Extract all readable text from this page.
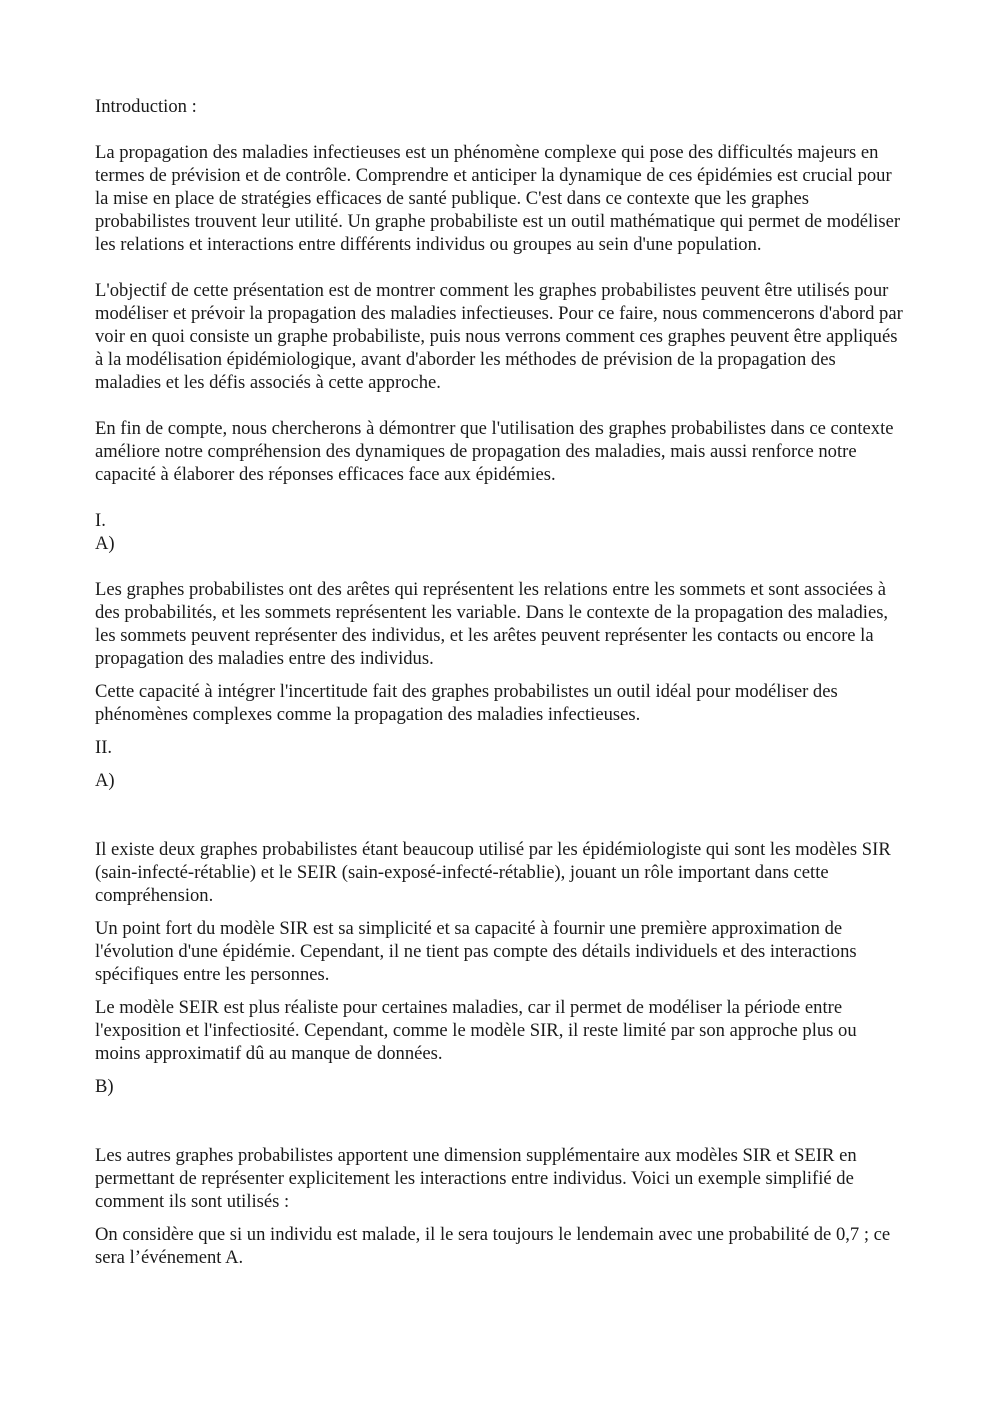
Introduction :

La propagation des maladies infectieuses est un phénomène complexe qui pose des difficultés majeurs en termes de prévision et de contrôle. Comprendre et anticiper la dynamique de ces épidémies est crucial pour la mise en place de stratégies efficaces de santé publique. C'est dans ce contexte que les graphes probabilistes trouvent leur utilité. Un graphe probabiliste est un outil mathématique qui permet de modéliser les relations et interactions entre différents individus ou groupes au sein d'une population.

L'objectif de cette présentation est de montrer comment les graphes probabilistes peuvent être utilisés pour modéliser et prévoir la propagation des maladies infectieuses. Pour ce faire, nous commencerons d'abord par voir en quoi consiste un graphe probabiliste, puis nous verrons comment ces graphes peuvent être appliqués à la modélisation épidémiologique, avant d'aborder les méthodes de prévision de la propagation des maladies et les défis associés à cette approche.

En fin de compte, nous chercherons à démontrer que l'utilisation des graphes probabilistes dans ce contexte améliore notre compréhension des dynamiques de propagation des maladies, mais aussi renforce notre capacité à élaborer des réponses efficaces face aux épidémies.

I.

A)

Les graphes probabilistes ont des arêtes qui représentent les relations entre les sommets et sont associées à des probabilités, et les sommets représentent les variable. Dans le contexte de la propagation des maladies, les sommets peuvent représenter des individus, et les arêtes peuvent représenter les contacts ou encore la propagation des maladies entre des individus.

Cette capacité à intégrer l'incertitude fait des graphes probabilistes un outil idéal pour modéliser des phénomènes complexes comme la propagation des maladies infectieuses.

II.

A)

Il existe deux graphes probabilistes étant beaucoup utilisé par les épidémiologiste qui sont les modèles SIR (sain-infecté-rétablie) et le SEIR (sain-exposé-infecté-rétablie), jouant un rôle important dans cette compréhension.

Un point fort du modèle SIR est sa simplicité et sa capacité à fournir une première approximation de l'évolution d'une épidémie. Cependant, il ne tient pas compte des détails individuels et des interactions spécifiques entre les personnes.

Le modèle SEIR est plus réaliste pour certaines maladies, car il permet de modéliser la période entre l'exposition et l'infectiosité. Cependant, comme le modèle SIR, il reste limité par son approche plus ou moins approximatif dû au manque de données.

B)

Les autres graphes probabilistes apportent une dimension supplémentaire aux modèles SIR et SEIR en permettant de représenter explicitement les interactions entre individus. Voici un exemple simplifié de comment ils sont utilisés :

On considère que si un individu est malade, il le sera toujours le lendemain avec une probabilité de 0,7 ; ce sera l’événement A.
